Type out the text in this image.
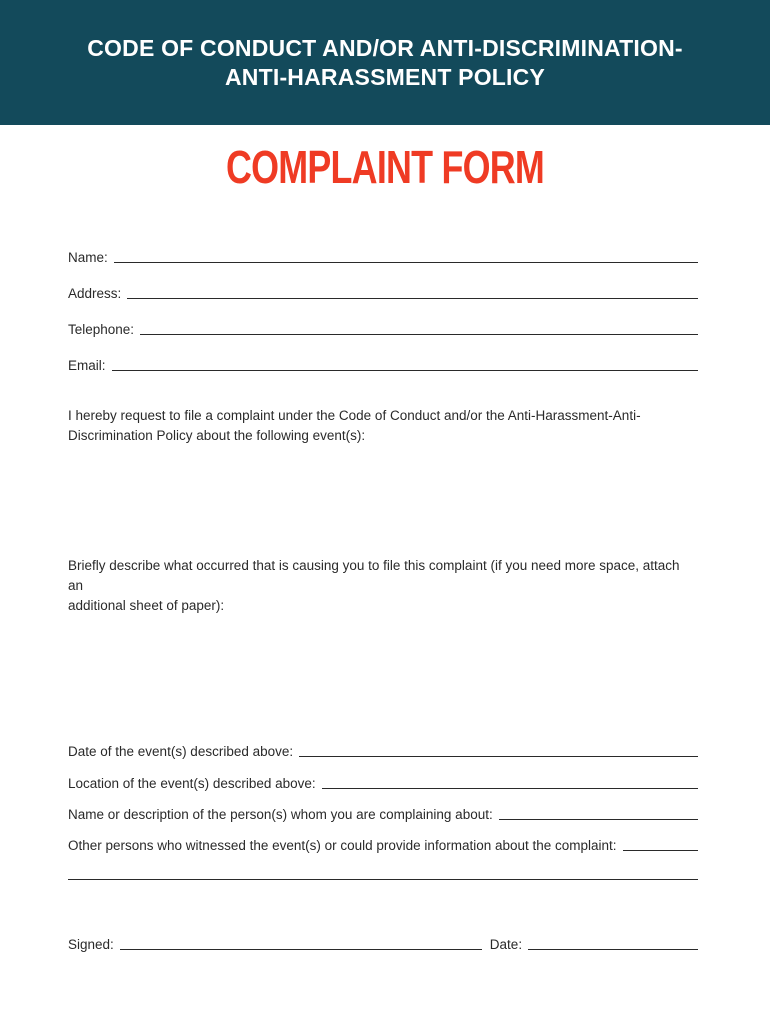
CODE OF CONDUCT AND/OR ANTI-DISCRIMINATION-
ANTI-HARASSMENT POLICY
COMPLAINT FORM
Name:
Address:
Telephone:
Email:
I hereby request to file a complaint under the Code of Conduct and/or the Anti-Harassment-Anti-
Discrimination Policy about the following event(s):
Briefly describe what occurred that is causing you to file this complaint (if you need more space, attach an
additional sheet of paper):
Date of the event(s) described above:
Location of the event(s) described above:
Name or description of the person(s) whom you are complaining about:
Other persons who witnessed the event(s) or could provide information about the complaint:
Signed:	Date:
